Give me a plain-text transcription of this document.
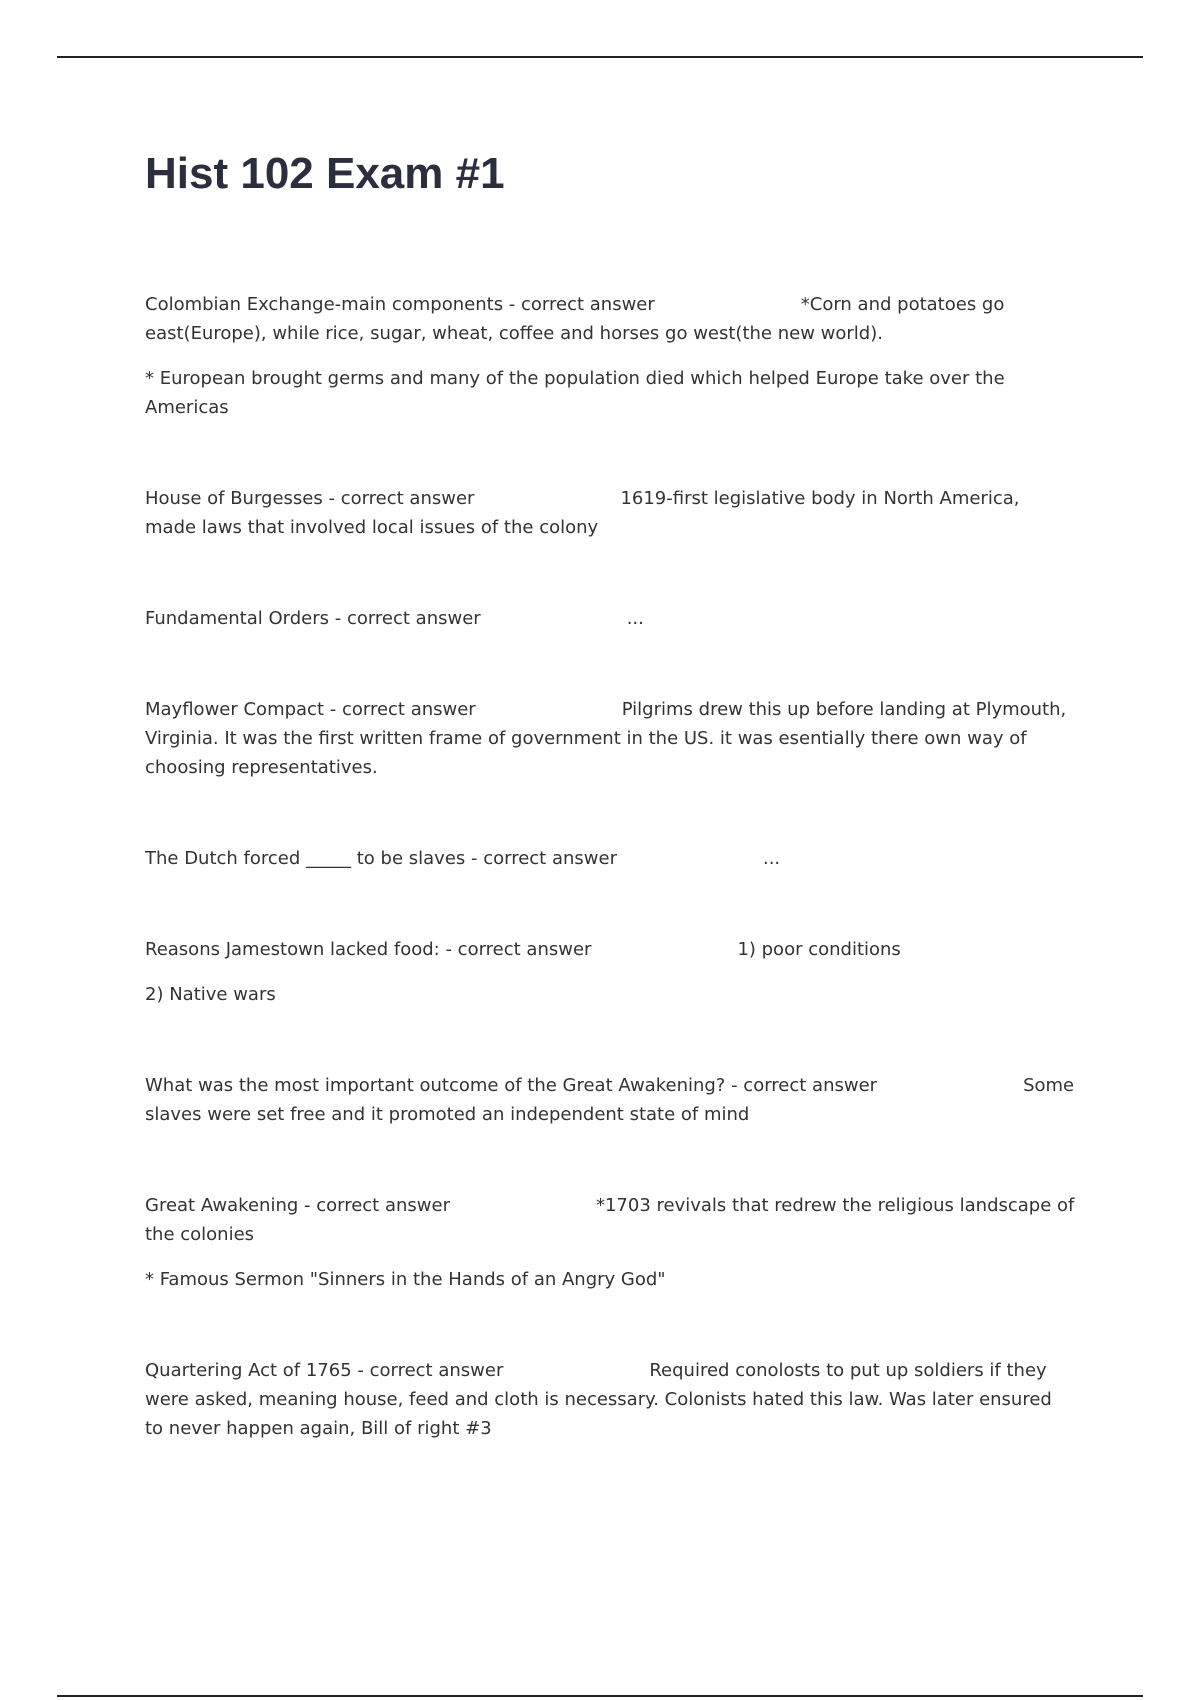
Hist 102 Exam #1

Colombian Exchange-main components - correct answer	*Corn and potatoes go east(Europe), while rice, sugar, wheat, coffee and horses go west(the new world).

* European brought germs and many of the population died which helped Europe take over the Americas

House of Burgesses - correct answer	1619-first legislative body in North America, made laws that involved local issues of the colony

Fundamental Orders - correct answer	...

Mayflower Compact - correct answer	Pilgrims drew this up before landing at Plymouth, Virginia. It was the first written frame of government in the US. it was esentially there own way of choosing representatives.

The Dutch forced _____ to be slaves - correct answer	...

Reasons Jamestown lacked food: - correct answer	1) poor conditions

2) Native wars

What was the most important outcome of the Great Awakening? - correct answer	Some slaves were set free and it promoted an independent state of mind

Great Awakening - correct answer	*1703 revivals that redrew the religious landscape of the colonies

* Famous Sermon "Sinners in the Hands of an Angry God"

Quartering Act of 1765 - correct answer	Required conolosts to put up soldiers if they were asked, meaning house, feed and cloth is necessary. Colonists hated this law. Was later ensured to never happen again, Bill of right #3
